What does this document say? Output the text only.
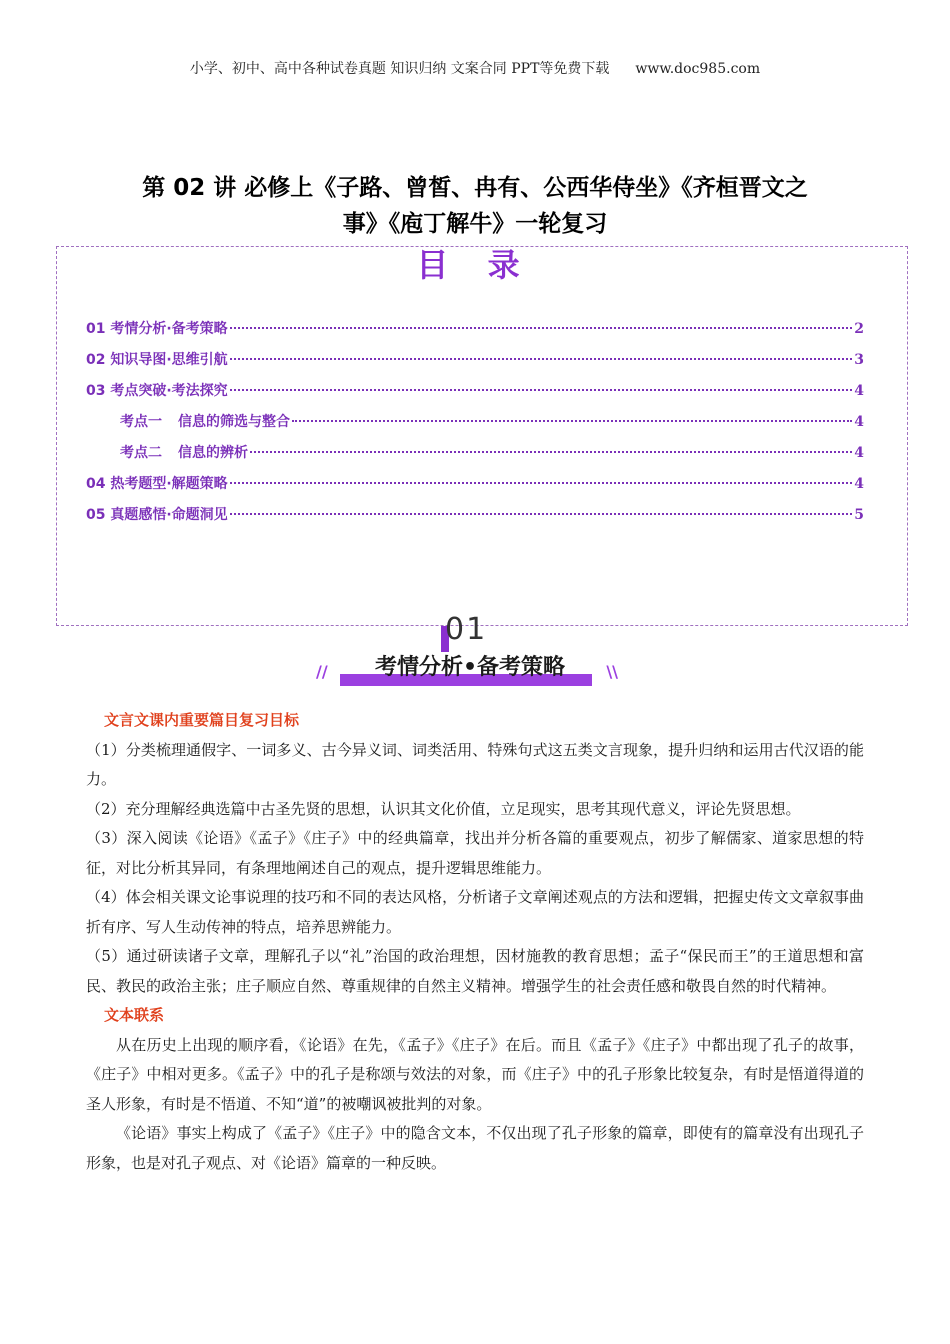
小学、初中、高中各种试卷真题 知识归纳 文案合同 PPT等免费下载 www.doc985.com
第 02 讲 必修上《子路、曾皙、冉有、公西华侍坐》《齐桓晋文之
事》《庖丁解牛》一轮复习
目 录
01 考情分析·备考策略	2
02 知识导图·思维引航	3
03 考点突破·考法探究	4
考点一 信息的筛选与整合	4
考点二 信息的辨析	4
04 热考题型·解题策略	4
05 真题感悟·命题洞见	5
01
//	考情分析•备考策略	\\
文言文课内重要篇目复习目标

（1）分类梳理通假字、一词多义、古今异义词、词类活用、特殊句式这五类文言现象，提升归纳和运用古代汉语的能力。

（2）充分理解经典选篇中古圣先贤的思想，认识其文化价值，立足现实，思考其现代意义，评论先贤思想。

（3）深入阅读《论语》《孟子》《庄子》中的经典篇章，找出并分析各篇的重要观点，初步了解儒家、道家思想的特征，对比分析其异同，有条理地阐述自己的观点，提升逻辑思维能力。

（4）体会相关课文论事说理的技巧和不同的表达风格，分析诸子文章阐述观点的方法和逻辑，把握史传文文章叙事曲折有序、写人生动传神的特点，培养思辨能力。

（5）通过研读诸子文章，理解孔子以“礼”治国的政治理想，因材施教的教育思想；孟子“保民而王”的王道思想和富民、教民的政治主张；庄子顺应自然、尊重规律的自然主义精神。增强学生的社会责任感和敬畏自然的时代精神。

文本联系

从在历史上出现的顺序看，《论语》在先，《孟子》《庄子》在后。而且《孟子》《庄子》中都出现了孔子的故事，《庄子》中相对更多。《孟子》中的孔子是称颂与效法的对象，而《庄子》中的孔子形象比较复杂，有时是悟道得道的圣人形象，有时是不悟道、不知“道”的被嘲讽被批判的对象。

《论语》事实上构成了《孟子》《庄子》中的隐含文本，不仅出现了孔子形象的篇章，即使有的篇章没有出现孔子形象，也是对孔子观点、对《论语》篇章的一种反映。
